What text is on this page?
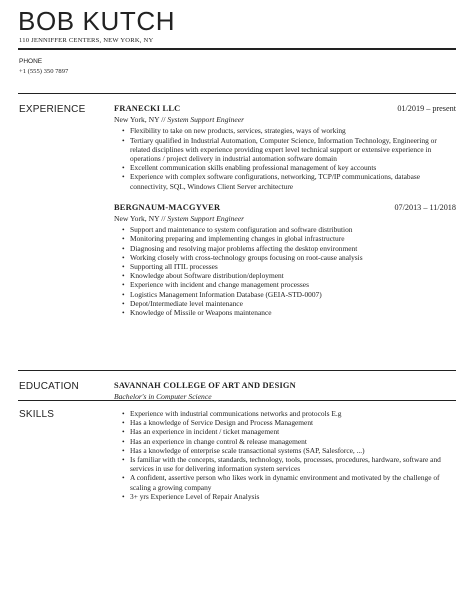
BOB KUTCH
110 JENNIFFER CENTERS, NEW YORK, NY
PHONE
+1 (555) 350 7897
EXPERIENCE	FRANECKI LLC	01/2019 – present
New York, NY // System Support Engineer
• Flexibility to take on new products, services, strategies, ways of working
• Tertiary qualified in Industrial Automation, Computer Science, Information Technology, Engineering or related disciplines with experience providing expert level technical support or extensive experience in operations / project delivery in industrial automation software domain
• Excellent communication skills enabling professional management of key accounts
• Experience with complex software configurations, networking, TCP/IP communications, database connectivity, SQL, Windows Client Server architecture
BERGNAUM-MACGYVER	07/2013 – 11/2018
New York, NY // System Support Engineer
• Support and maintenance to system configuration and software distribution
• Monitoring preparing and implementing changes in global infrastructure
• Diagnosing and resolving major problems affecting the desktop environment
• Working closely with cross-technology groups focusing on root-cause analysis
• Supporting all ITIL processes
• Knowledge about Software distribution/deployment
• Experience with incident and change management processes
• Logistics Management Information Database (GEIA-STD-0007)
• Depot/Intermediate level maintenance
• Knowledge of Missile or Weapons maintenance
EDUCATION	SAVANNAH COLLEGE OF ART AND DESIGN
Bachelor's in Computer Science
SKILLS
•	Experience with industrial communications networks and protocols E.g
• Has a knowledge of Service Design and Process Management
• Has an experience in incident / ticket management
• Has an experience in change control & release management
• Has a knowledge of enterprise scale transactional systems (SAP, Salesforce, ...)
• Is familiar with the concepts, standards, technology, tools, processes, procedures, hardware, software and services in use for delivering information system services
• A confident, assertive person who likes work in dynamic environment and motivated by the challenge of scaling a growing company
• 3+ yrs Experience Level of Repair Analysis
